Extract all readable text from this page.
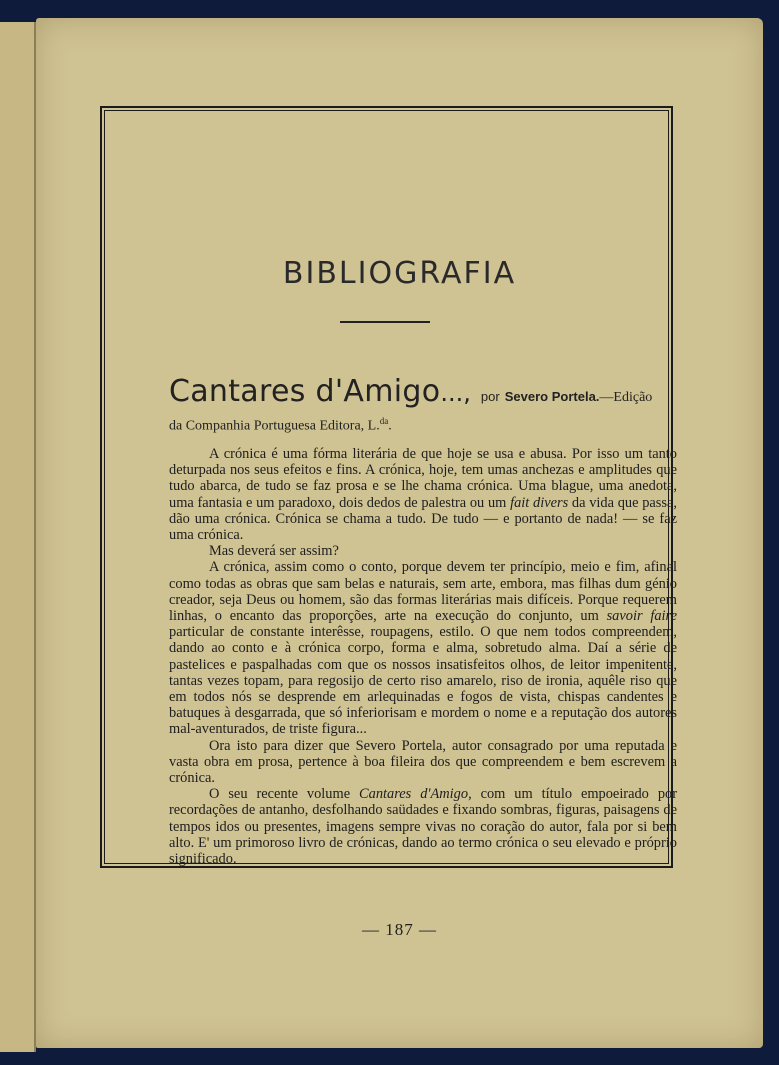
BIBLIOGRAFIA
Cantares d'Amigo..., por Severo Portela.—Edição
da Companhia Portuguesa Editora, L.$^{da}$.

A crónica é uma fórma literária de que hoje se usa e abusa. Por isso um tanto deturpada nos seus efeitos e fins. A crónica, hoje, tem umas anchezas e amplitudes que tudo abarca, de tudo se faz prosa e se lhe chama crónica. Uma blague, uma anedota, uma fantasia e um paradoxo, dois dedos de palestra ou um fait divers da vida que passa, dão uma crónica. Crónica se chama a tudo. De tudo — e portanto de nada! — se faz uma crónica.

Mas deverá ser assim?

A crónica, assim como o conto, porque devem ter princípio, meio e fim, afinal como todas as obras que sam belas e naturais, sem arte, embora, mas filhas dum génio creador, seja Deus ou homem, são das formas literárias mais difíceis. Porque requerem linhas, o encanto das proporções, arte na execução do conjunto, um savoir faire particular de constante interêsse, roupagens, estilo. O que nem todos compreendem, dando ao conto e à crónica corpo, forma e alma, sobretudo alma. Daí a série de pastelices e paspalhadas com que os nossos insatisfeitos olhos, de leitor impenitente, tantas vezes topam, para regosijo de certo riso amarelo, riso de ironia, aquêle riso que em todos nós se desprende em arlequinadas e fogos de vista, chispas candentes e batuques à desgarrada, que só inferiorisam e mordem o nome e a reputação dos autores mal-aventurados, de triste figura...

Ora isto para dizer que Severo Portela, autor consagrado por uma reputada e vasta obra em prosa, pertence à boa fileira dos que compreendem e bem escrevem a crónica.

O seu recente volume Cantares d'Amigo, com um título empoeirado por recordações de antanho, desfolhando saüdades e fixando sombras, figuras, paisagens de tempos idos ou presentes, imagens sempre vivas no coração do autor, fala por si bem alto. E' um primoroso livro de crónicas, dando ao termo crónica o seu elevado e próprio significado.

— 187 —
